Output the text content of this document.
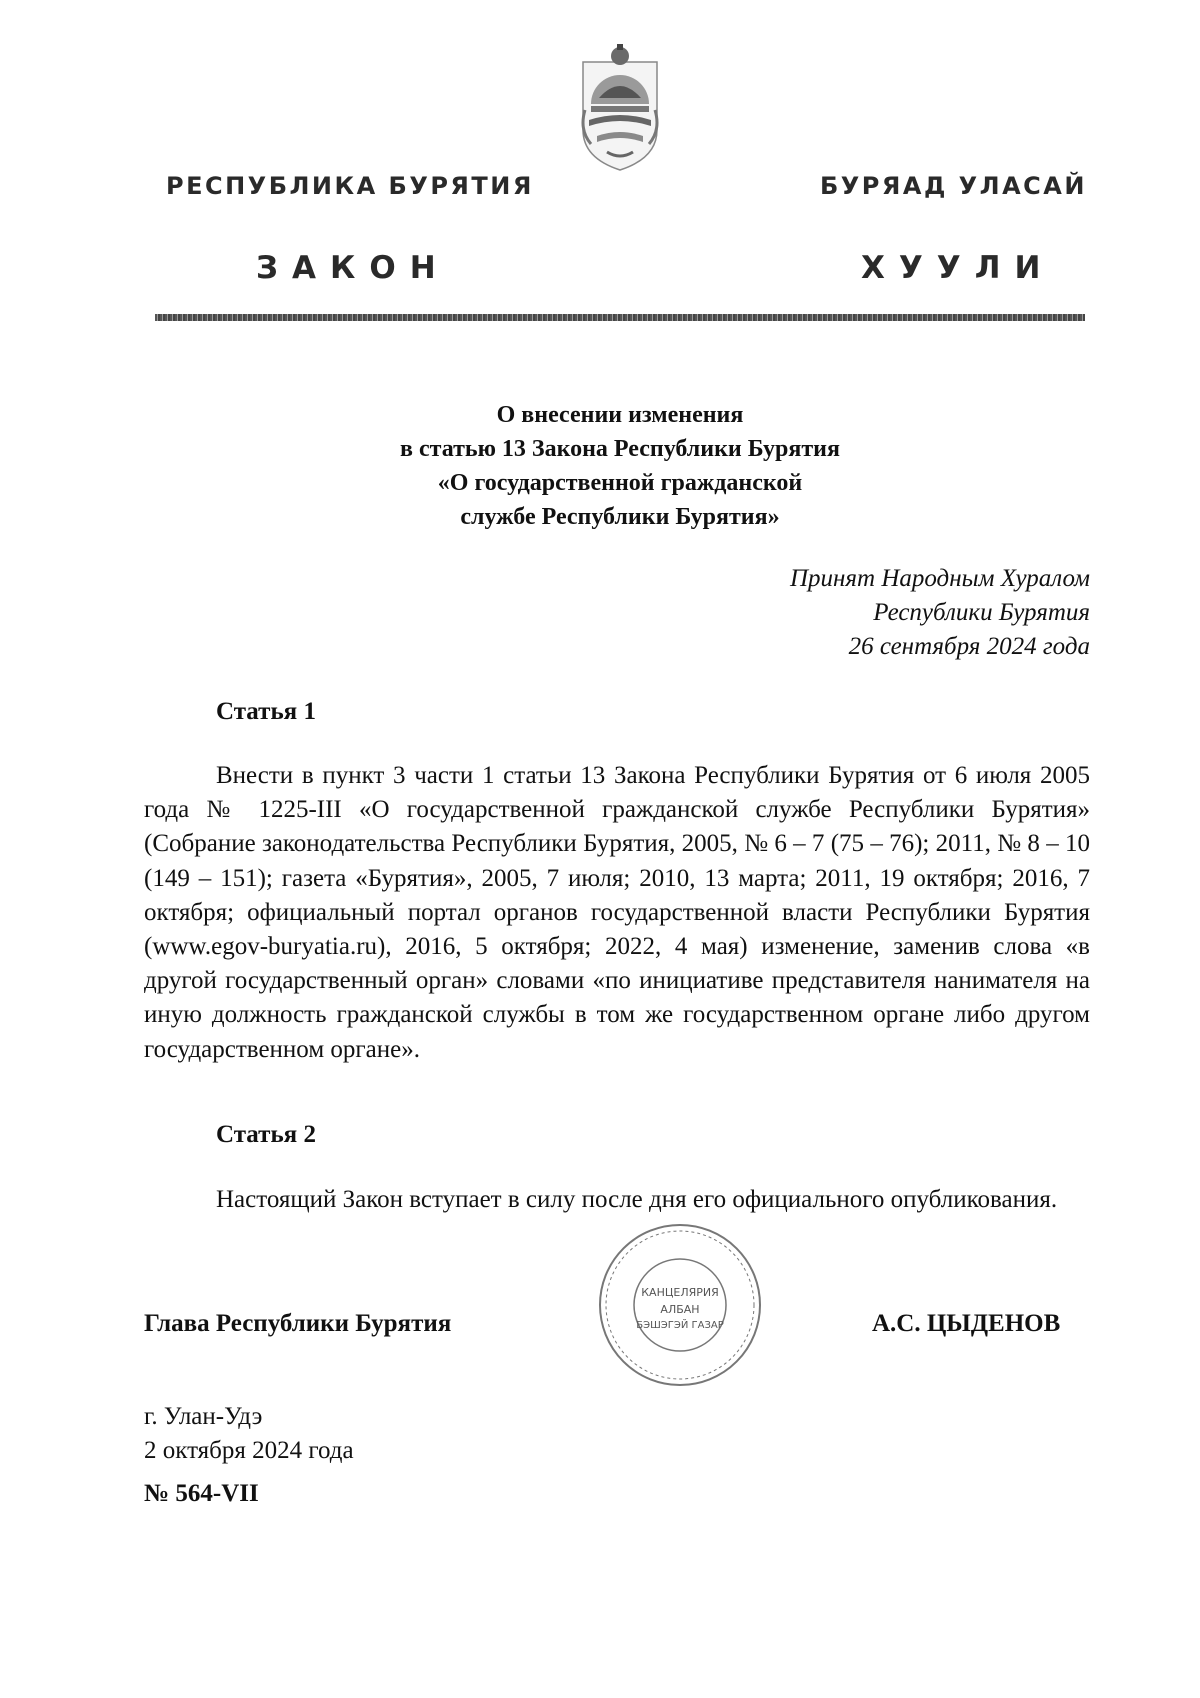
РЕСПУБЛИКА БУРЯТИЯ	БУРЯАД УЛАСАЙ
ЗАКОН	ХУУЛИ
О внесении изменения
в статью 13 Закона Республики Бурятия
«О государственной гражданской
службе Республики Бурятия»
Принят Народным Хуралом
Республики Бурятия
26 сентября 2024 года
Статья 1
Внести в пункт 3 части 1 статьи 13 Закона Республики Бурятия от 6 июля 2005 года № 1225-III «О государственной гражданской службе Республики Бурятия» (Собрание законодательства Республики Бурятия, 2005, № 6 – 7 (75 – 76); 2011, № 8 – 10 (149 – 151); газета «Бурятия», 2005, 7 июля; 2010, 13 марта; 2011, 19 октября; 2016, 7 октября; официальный портал органов государственной власти Республики Бурятия (www.egov-buryatia.ru), 2016, 5 октября; 2022, 4 мая) изменение, заменив слова «в другой государственный орган» словами «по инициативе представителя нанимателя на иную должность гражданской службы в том же государственном органе либо другом государственном органе».
Статья 2
Настоящий Закон вступает в силу после дня его официального опубликования.
Глава Республики Бурятия	А.С. ЦЫДЕНОВ
КАНЦЕЛЯРИЯ
АЛБАН
БЭШЭГЭЙ ГАЗАР
г. Улан-Удэ
2 октября 2024 года
№ 564-VII
